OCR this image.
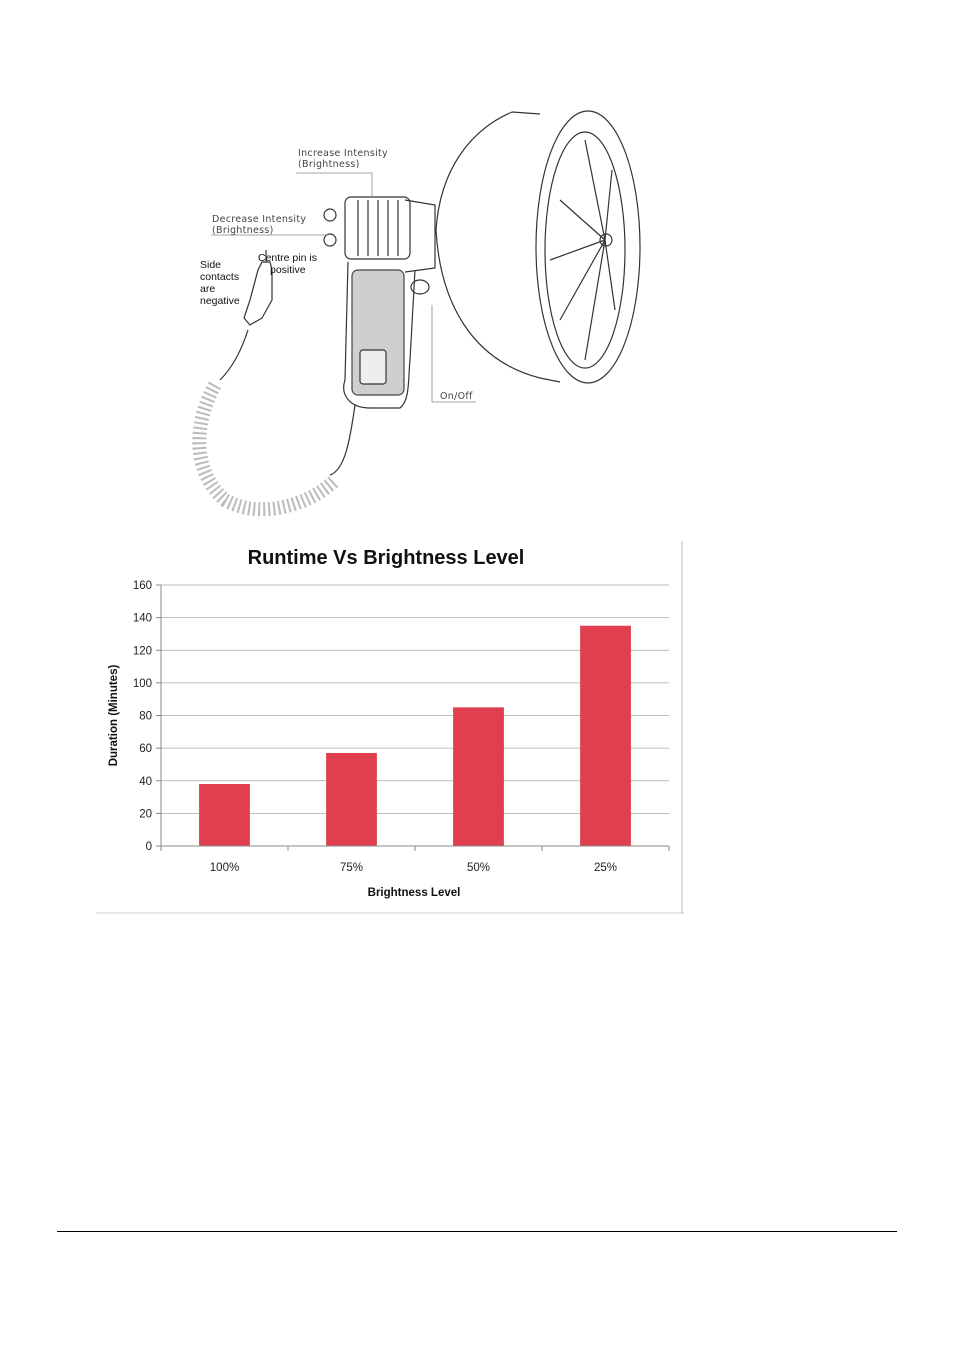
Increase Intensity
(Brightness)
Decrease Intensity
(Brightness)
Side
contacts
are
negative
Centre pin is
positive
On/Off
Runtime Vs Brightness Level
0
20
40
60
80
100
120
140
160
100%	75%	50%	25%
Brightness Level
Duration (Minutes)
